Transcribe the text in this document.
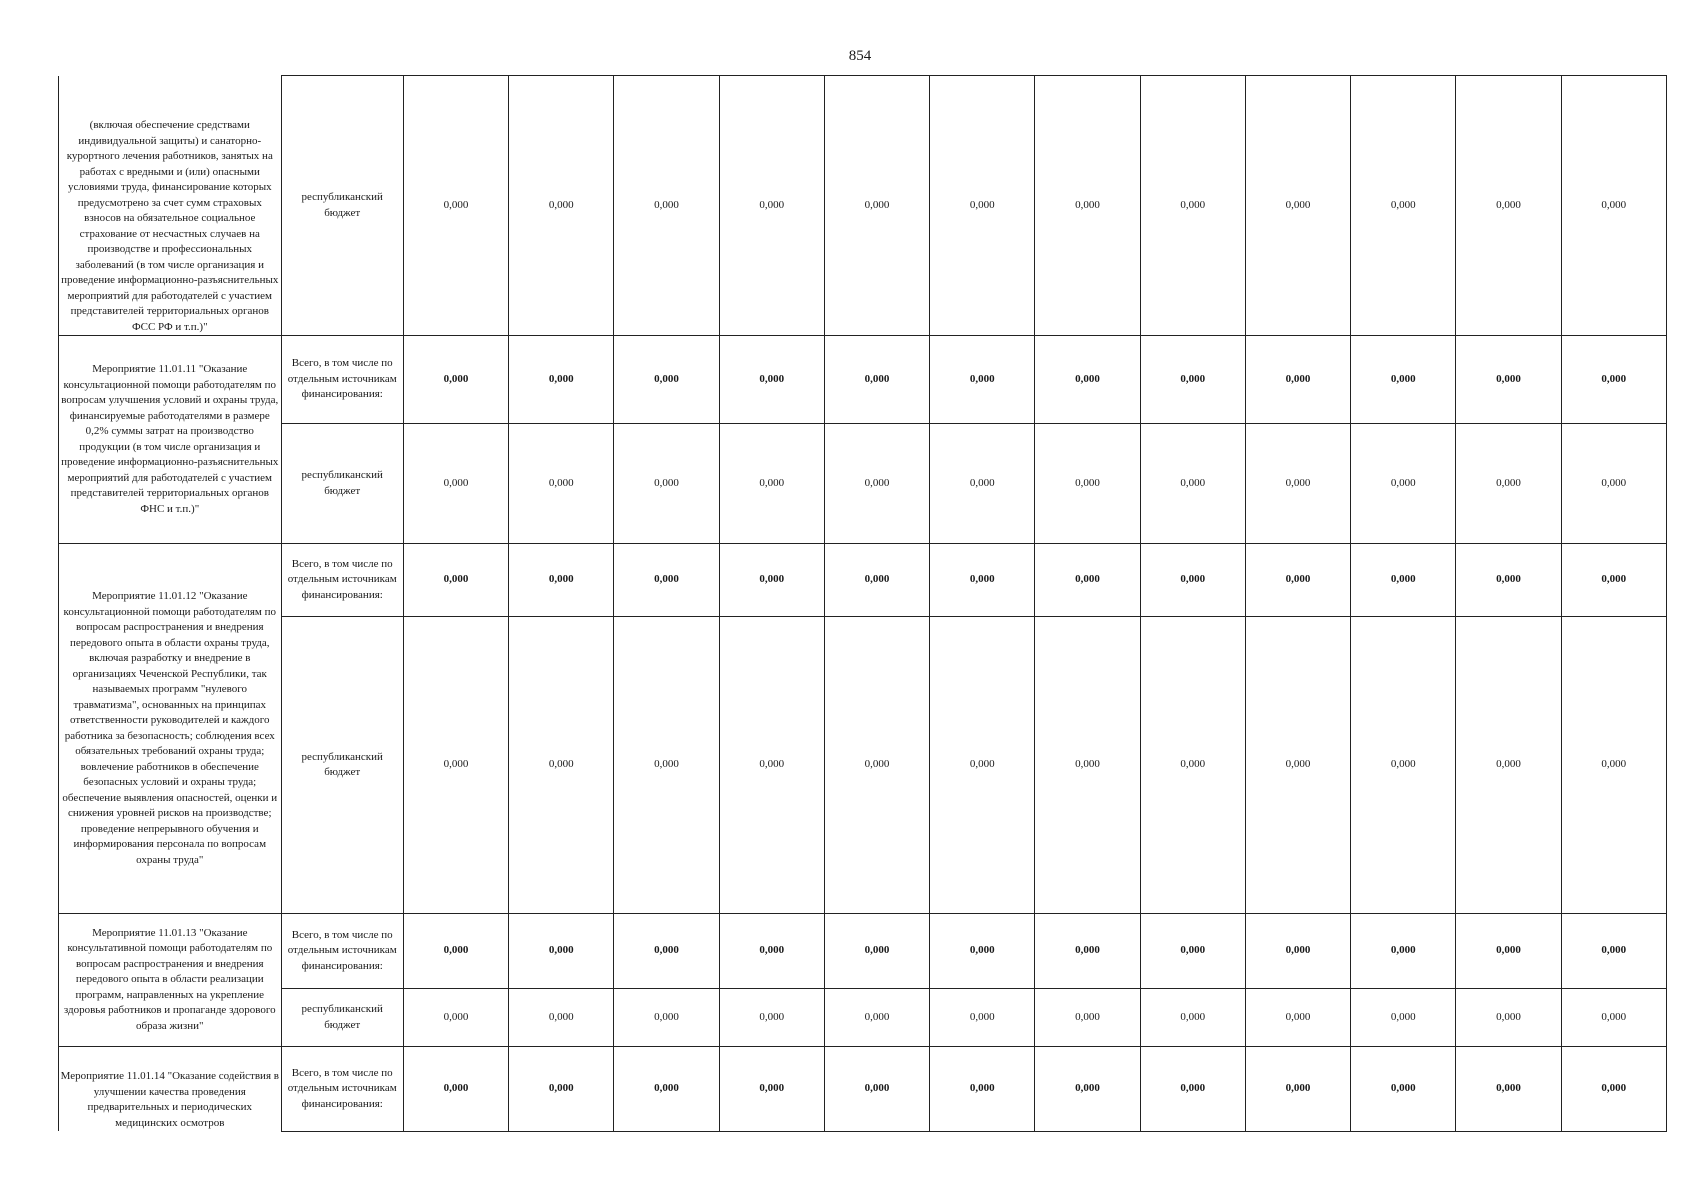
854
(включая обеспечение средствами индивидуальной защиты) и санаторно-курортного лечения работников, занятых на работах с вредными и (или) опасными условиями труда, финансирование которых предусмотрено за счет сумм страховых взносов на обязательное социальное страхование от несчастных случаев на производстве и профессиональных заболеваний (в том числе организация и проведение информационно-разъяснительных мероприятий для работодателей с участием представителей территориальных органов ФСС РФ и т.п.)"	республиканский бюджет	0,000	0,000	0,000	0,000	0,000	0,000	0,000	0,000	0,000	0,000	0,000	0,000
Мероприятие 11.01.11 "Оказание консультационной помощи работодателям по вопросам улучшения условий и охраны труда, финансируемые работодателями в размере 0,2% суммы затрат на производство продукции (в том числе организация и проведение информационно-разъяснительных мероприятий для работодателей с участием представителей территориальных органов ФНС и т.п.)"	Всего, в том числе по отдельным источникам финансирования:	0,000	0,000	0,000	0,000	0,000	0,000	0,000	0,000	0,000	0,000	0,000	0,000
	республиканский бюджет	0,000	0,000	0,000	0,000	0,000	0,000	0,000	0,000	0,000	0,000	0,000	0,000
Мероприятие 11.01.12 "Оказание консультационной помощи работодателям по вопросам распространения и внедрения передового опыта в области охраны труда, включая разработку и внедрение в организациях Чеченской Республики, так называемых программ "нулевого травматизма", основанных на принципах ответственности руководителей и каждого работника за безопасность; соблюдения всех обязательных требований охраны труда; вовлечение работников в обеспечение безопасных условий и охраны труда; обеспечение выявления опасностей, оценки и снижения уровней рисков на производстве; проведение непрерывного обучения и информирования персонала по вопросам охраны труда"	Всего, в том числе по отдельным источникам финансирования:	0,000	0,000	0,000	0,000	0,000	0,000	0,000	0,000	0,000	0,000	0,000	0,000
	республиканский бюджет	0,000	0,000	0,000	0,000	0,000	0,000	0,000	0,000	0,000	0,000	0,000	0,000
Мероприятие 11.01.13 "Оказание консультативной помощи работодателям по вопросам распространения и внедрения передового опыта в области реализации программ, направленных на укрепление здоровья работников и пропаганде здорового образа жизни"	Всего, в том числе по отдельным источникам финансирования:	0,000	0,000	0,000	0,000	0,000	0,000	0,000	0,000	0,000	0,000	0,000	0,000
	республиканский бюджет	0,000	0,000	0,000	0,000	0,000	0,000	0,000	0,000	0,000	0,000	0,000	0,000
Мероприятие 11.01.14 "Оказание содействия в улучшении качества проведения предварительных и периодических медицинских осмотров	Всего, в том числе по отдельным источникам финансирования:	0,000	0,000	0,000	0,000	0,000	0,000	0,000	0,000	0,000	0,000	0,000	0,000
